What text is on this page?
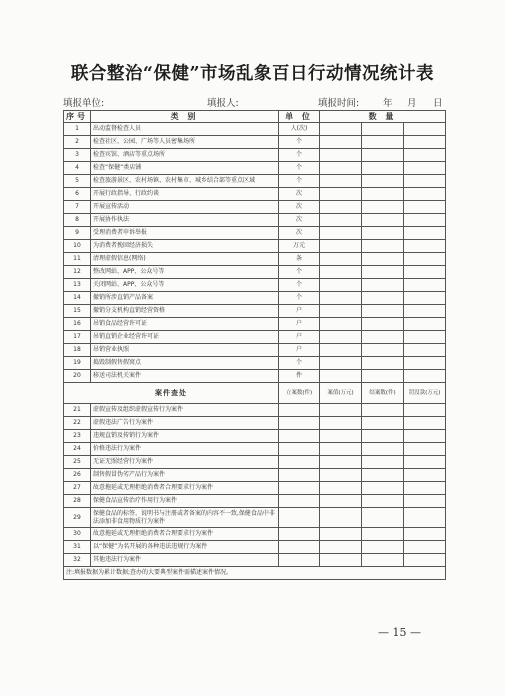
联合整治“保健”市场乱象百日行动情况统计表
填报单位:	填报人:	填报时间:	年 月 日
序号	类 别	单 位	数 量		
1	出动监督检查人员	人(次)			
2	检查社区、公园、广场等人员密集场所	个			
3	检查宾馆、酒店等重点场所	个			
4	检查“保健”类店铺	个			
5	检查旅游景区、农村场镇、农村集市、城乡结合部等重点区域	个			
6	开展行政指导、行政约谈	次			
7	开展宣传活动	次			
8	开展协作执法	次			
9	受理消费者申诉举报	次			
10	为消费者挽回经济损失	万元			
11	清理虚假信息(网络)	条			
12	整改网站、APP、公众号等	个			
13	关闭网站、APP、公众号等	个			
14	撤销所涉直销产品备案	个			
15	撤销分支机构直销经营资格	户			
16	吊销食品经营许可证	户			
17	吊销直销企业经营许可证	户			
18	吊销营业执照	户			
19	捣毁制假售假窝点	个			
20	移送司法机关案件	件			
案件查处		立案数(件)	案值(万元)	结案数(件)	罚没款(万元)
21	虚假宣传及组织虚假宣传行为案件				
22	虚假违法广告行为案件				
23	违规直销及传销行为案件				
24	价格违法行为案件				
25	无证无照经营行为案件				
26	制售假冒伪劣产品行为案件				
27	故意拖延或无理拒绝消费者合理要求行为案件				
28	保健食品宣传治疗作用行为案件				
29	保健食品的标签、说明书与注册或者备案的内容不一致,保健食品中非法添加非食用物质行为案件				
30	故意拖延或无理拒绝消费者合理要求行为案件				
31	以“保健”为名开展的各种违法违规行为案件				
32	其他违法行为案件				
注:填报数据为累计数据;查办的大要典型案件需描述案件情况。					
— 15 —
